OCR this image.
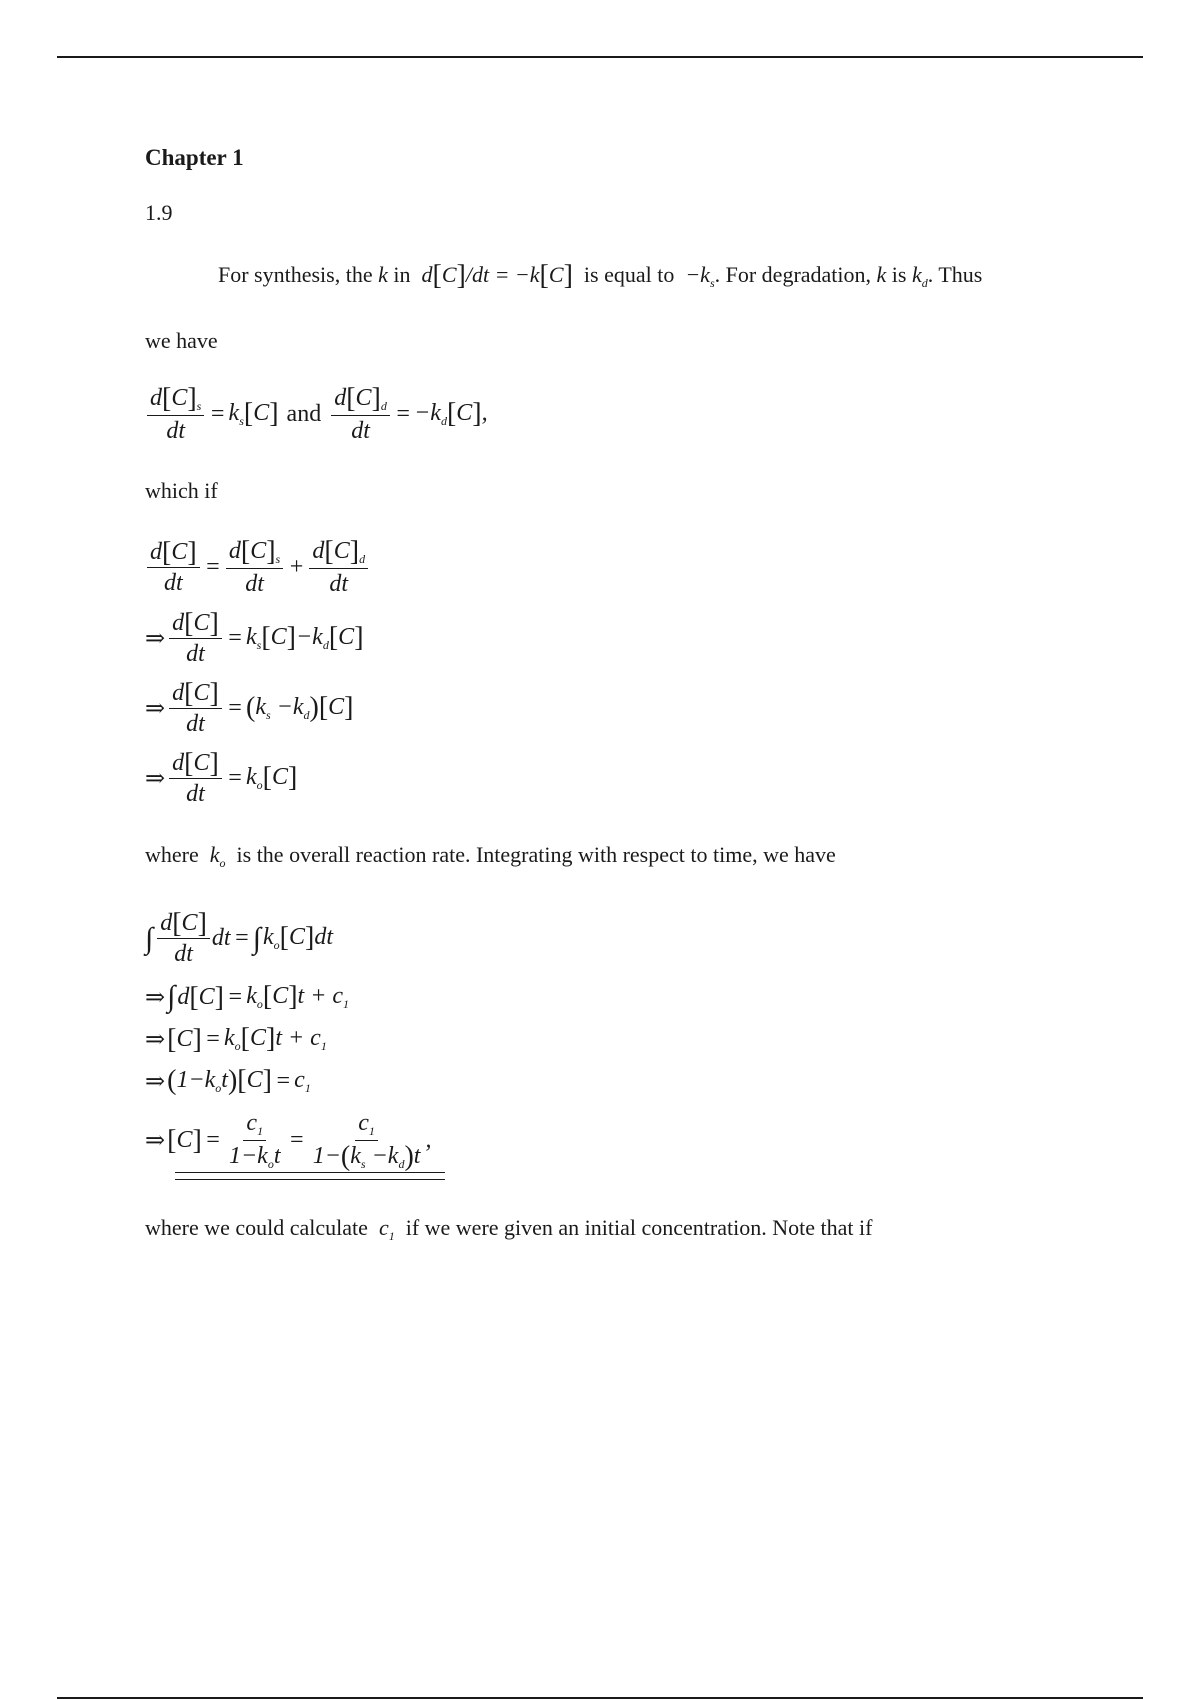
Chapter 1
1.9
For synthesis, the k in  d[C]/dt = −k[C] is equal to  $-k_s$. For degradation, k is $k_d$. Thus
we have
$\frac{d[C]_s}{dt} = k_s[C]$ and $\frac{d[C]_d}{dt} = -k_d[C]$,
which if
$\frac{d[C]}{dt} = \frac{d[C]_s}{dt} + \frac{d[C]_d}{dt}$
⇒ $\frac{d[C]}{dt} = k_s[C]-k_d[C]$
⇒ $\frac{d[C]}{dt} = (k_s -k_d)[C]$
⇒ $\frac{d[C]}{dt} = k_o[C]$
where  $k_o$ is the overall reaction rate. Integrating with respect to time, we have
∫ $\frac{d[C]}{dt}$ dt = ∫ $k_o[C]dt$
⇒ ∫ $d[C] = k_o[C]t + c_1$
⇒ $[C] = k_o[C]t + c_1$
⇒ $(1-k_ot)[C] = c_1$
⇒ $[C] = \frac{c_1}{1-k_ot} = \frac{c_1}{1-(k_s -k_d)t}$ ,
where we could calculate  $c_1$ if we were given an initial concentration. Note that if
